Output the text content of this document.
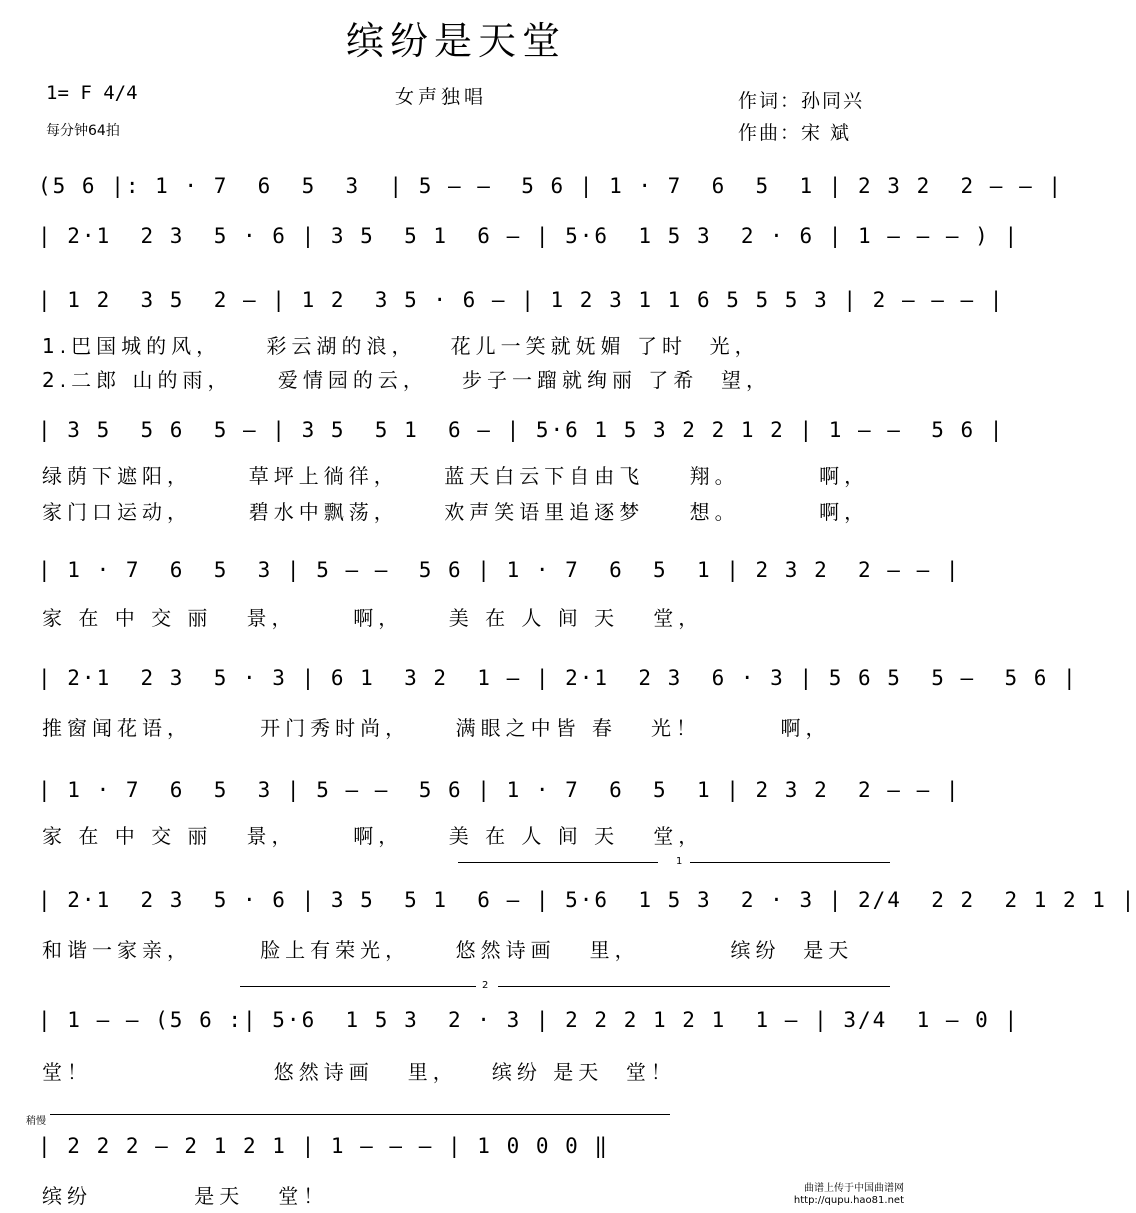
缤纷是天堂
1= F 4/4
每分钟64拍
女声独唱	作词：孙同兴
作曲：宋 斌
(5 6 |: 1 · 7  6  5  3  | 5 — —  5 6 | 1 · 7  6  5  1 | 2 3 2  2 — — |
| 2·1  2 3  5 · 6 | 3 5  5 1  6 — | 5·6  1 5 3  2 · 6 | 1 — — — ) |
| 1 2  3 5  2 — | 1 2  3 5 · 6 — | 1 2 3 1 1 6 5 5 5 3 | 2 — — — |
1.巴国城的风，    彩云湖的浪，   花儿一笑就妩媚 了时  光，
2.二郎 山的雨，    爱情园的云，   步子一蹓就绚丽 了希  望，
| 3 5  5 6  5 — | 3 5  5 1  6 — | 5·6 1 5 3 2 2 1 2 | 1 — —  5 6 |
绿荫下遮阳，     草坪上徜徉，    蓝天白云下自由飞    翔。       啊，
家门口运动，     碧水中飘荡，    欢声笑语里追逐梦    想。       啊，
| 1 · 7  6  5  3 | 5 — —  5 6 | 1 · 7  6  5  1 | 2 3 2  2 — — |
家 在 中 交 丽   景，     啊，    美 在 人 间 天   堂，
| 2·1  2 3  5 · 3 | 6 1  3 2  1 — | 2·1  2 3  6 · 3 | 5 6 5  5 —  5 6 |
推窗闻花语，      开门秀时尚，    满眼之中皆 春   光！       啊，
| 1 · 7  6  5  3 | 5 — —  5 6 | 1 · 7  6  5  1 | 2 3 2  2 — — |
家 在 中 交 丽   景，     啊，    美 在 人 间 天   堂，
1
| 2·1  2 3  5 · 6 | 3 5  5 1  6 — | 5·6  1 5 3  2 · 3 | 2/4  2 2  2 1 2 1 |
和谐一家亲，      脸上有荣光，    悠然诗画   里，        缤纷  是天
2
| 1 — — (5 6 :| 5·6  1 5 3  2 · 3 | 2 2 2 1 2 1  1 — | 3/4  1 — 0 |
堂！                悠然诗画   里，   缤纷 是天  堂！
稍慢
| 2 2 2 — 2 1 2 1 | 1 — — — | 1 0 0 0 ‖
缤纷         是天   堂！	曲谱上传于中国曲谱网
http://qupu.hao81.net
